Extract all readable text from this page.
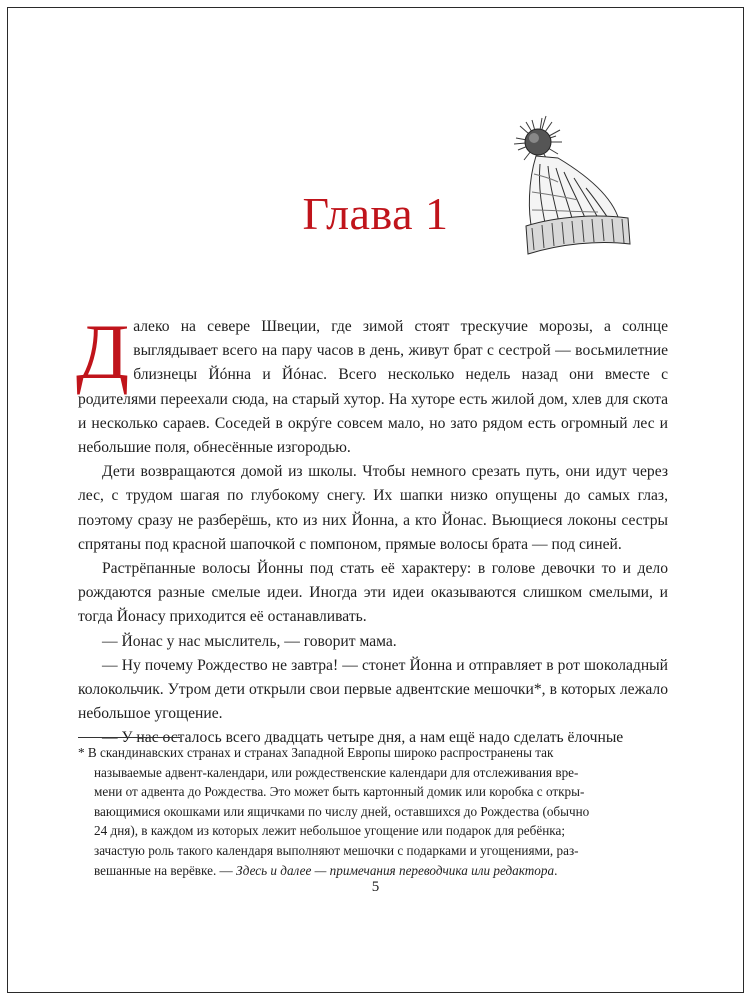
Глава 1

Далеко на севере Швеции, где зимой стоят трескучие морозы, а солнце выглядывает всего на пару часов в день, живут брат с сестрой — восьмилетние близнецы Йóнна и Йóнас. Всего несколько недель назад они вместе с родителями переехали сюда, на старый хутор. На хуторе есть жилой дом, хлев для скота и несколько сараев. Соседей в окрýге совсем мало, но зато рядом есть огромный лес и небольшие поля, обнесённые изгородью.

Дети возвращаются домой из школы. Чтобы немного срезать путь, они идут через лес, с трудом шагая по глубокому снегу. Их шапки низко опущены до самых глаз, поэтому сразу не разберёшь, кто из них Йонна, а кто Йонас. Вьющиеся локоны сестры спрятаны под красной шапочкой с помпоном, прямые волосы брата — под синей.

Растрёпанные волосы Йонны под стать её характеру: в голове девочки то и дело рождаются разные смелые идеи. Иногда эти идеи оказываются слишком смелыми, и тогда Йонасу приходится её останавливать.

— Йонас у нас мыслитель, — говорит мама.

— Ну почему Рождество не завтра! — стонет Йонна и отправляет в рот шоколадный колокольчик. Утром дети открыли свои первые адвентские мешочки*, в которых лежало небольшое угощение.

— У нас осталось всего двадцать четыре дня, а нам ещё надо сделать ёлочные

* В скандинавских странах и странах Западной Европы широко распространены так
называемые адвент-календари, или рождественские календари для отслеживания вре-
мени от адвента до Рождества. Это может быть картонный домик или коробка с откры-
вающимися окошками или ящичками по числу дней, оставшихся до Рождества (обычно
24 дня), в каждом из которых лежит небольшое угощение или подарок для ребёнка;
зачастую роль такого календаря выполняют мешочки с подарками и угощениями, раз-
вешанные на верёвке. — Здесь и далее — примечания переводчика или редактора.
5
